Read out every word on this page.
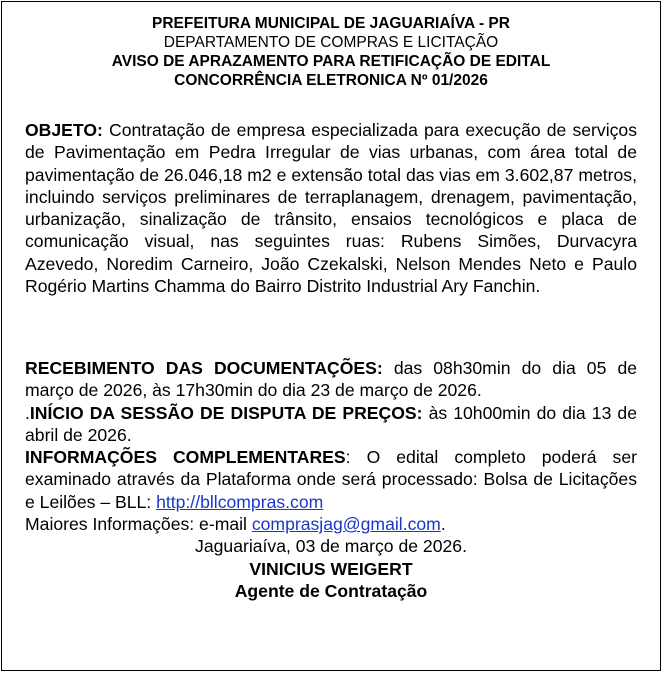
PREFEITURA MUNICIPAL DE JAGUARIAÍVA - PR

DEPARTAMENTO DE COMPRAS E LICITAÇÃO

AVISO DE APRAZAMENTO PARA RETIFICAÇÃO DE EDITAL

CONCORRÊNCIA ELETRONICA Nº 01/2026

OBJETO: Contratação de empresa especializada para execução de serviços de Pavimentação em Pedra Irregular de vias urbanas, com área total de pavimentação de 26.046,18 m2 e extensão total das vias em 3.602,87 metros, incluindo serviços preliminares de terraplanagem, drenagem, pavimentação, urbanização, sinalização de trânsito, ensaios tecnológicos e placa de comunicação visual, nas seguintes ruas: Rubens Simões, Durvacyra Azevedo, Noredim Carneiro, João Czekalski, Nelson Mendes Neto e Paulo Rogério Martins Chamma do Bairro Distrito Industrial Ary Fanchin.

RECEBIMENTO DAS DOCUMENTAÇÕES: das 08h30min do dia 05 de março de 2026, às 17h30min do dia 23 de março de 2026.

.INÍCIO DA SESSÃO DE DISPUTA DE PREÇOS: às 10h00min do dia 13 de abril de 2026.

INFORMAÇÕES COMPLEMENTARES: O edital completo poderá ser examinado através da Plataforma onde será processado: Bolsa de Licitações e Leilões – BLL: http://bllcompras.com

Maiores Informações: e-mail comprasjag@gmail.com.

Jaguariaíva, 03 de março de 2026.

VINICIUS WEIGERT

Agente de Contratação
